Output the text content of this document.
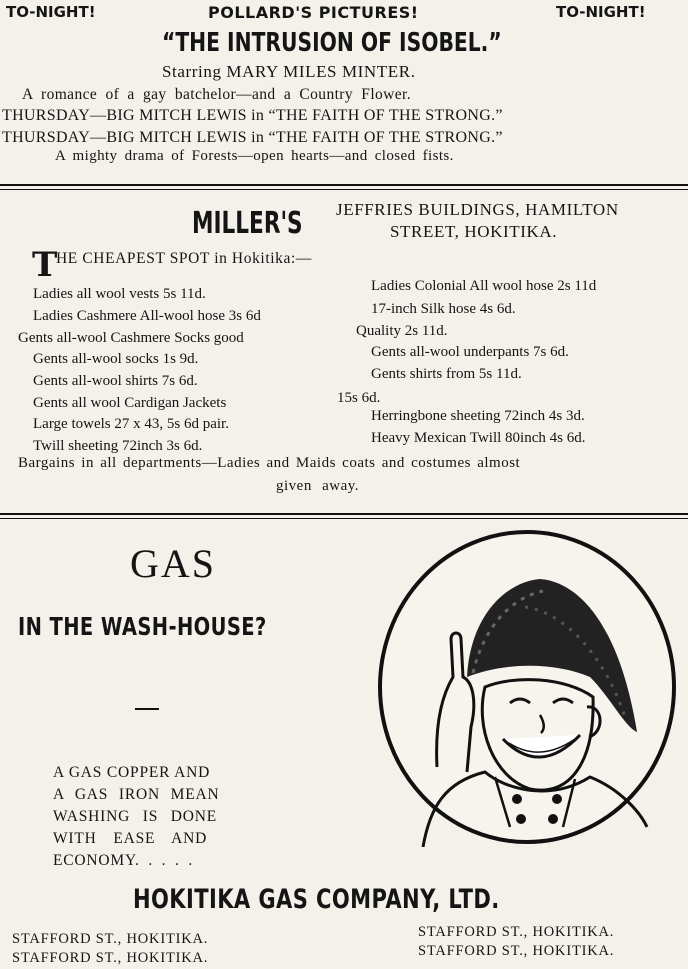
TO-NIGHT!	POLLARD'S PICTURES!	TO-NIGHT!
“THE INTRUSION OF ISOBEL.”
Starring MARY MILES MINTER.
A romance of a gay batchelor—and a Country Flower.
THURSDAY—BIG MITCH LEWIS in “THE FAITH OF THE STRONG.”
THURSDAY—BIG MITCH LEWIS in “THE FAITH OF THE STRONG.”
A mighty drama of Forests—open hearts—and closed fists.
MILLER'S JEFFRIES BUILDINGS, HAMILTON
STREET, HOKITIKA.
T
HE CHEAPEST SPOT in Hokitika:—
Ladies all wool vests 5s 11d.
Ladies Cashmere All-wool hose 3s 6d
Gents all-wool Cashmere Socks good
Gents all-wool socks 1s 9d.
Gents all-wool shirts 7s 6d.
Gents all wool Cardigan Jackets
Large towels 27 x 43, 5s 6d pair.
Twill sheeting 72inch 3s 6d.
Ladies Colonial All wool hose 2s 11d
17-inch Silk hose 4s 6d.
Quality 2s 11d.
Gents all-wool underpants 7s 6d.
Gents shirts from 5s 11d.
15s 6d.
Herringbone sheeting 72inch 4s 3d.
Heavy Mexican Twill 80inch 4s 6d.
Bargains in all departments—Ladies and Maids coats and costumes almost
given away.
GAS
IN THE WASH-HOUSE?
A GAS COPPER AND
A GAS IRON MEAN
WASHING IS DONE
WITH EASE AND
ECONOMY. . . . .
HOKITIKA GAS COMPANY, LTD.
STAFFORD ST., HOKITIKA.
STAFFORD ST., HOKITIKA.
STAFFORD ST., HOKITIKA.
STAFFORD ST., HOKITIKA.
